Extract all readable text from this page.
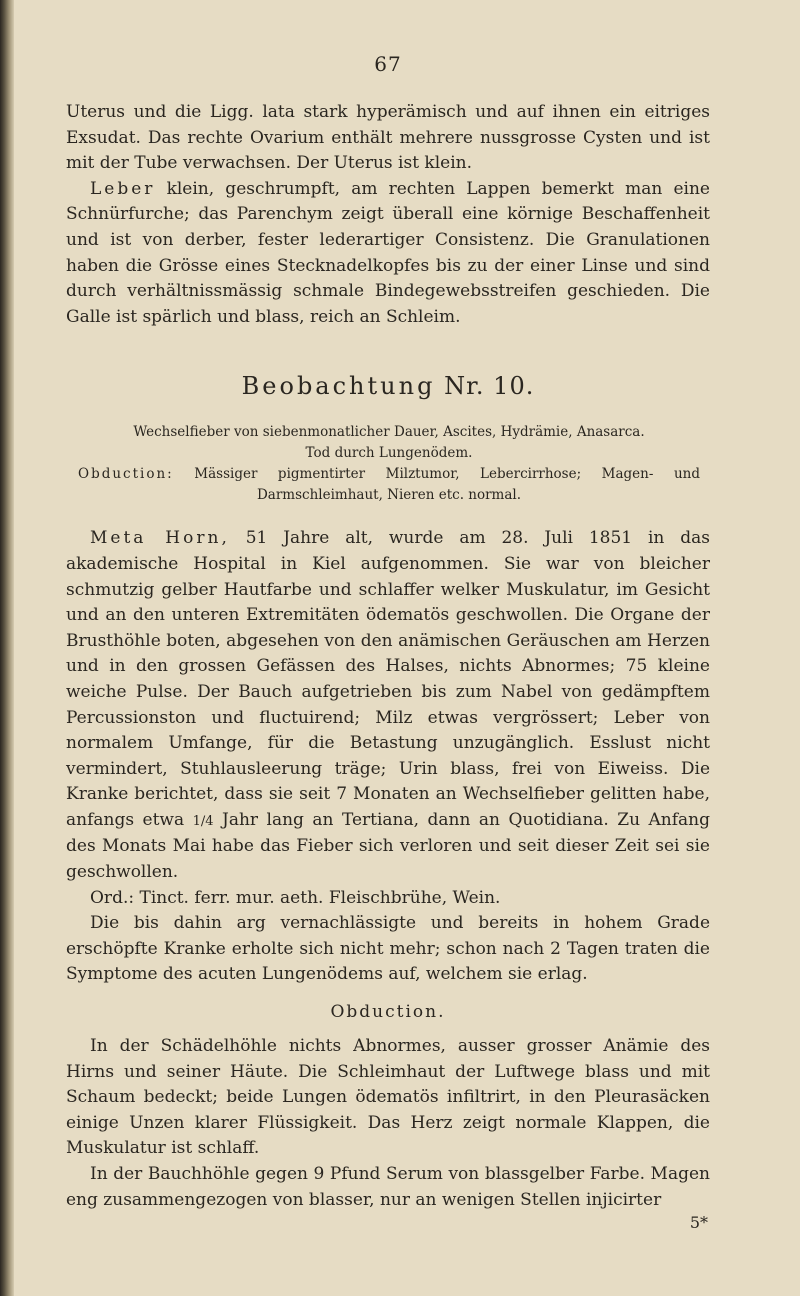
67

Uterus und die Ligg. lata stark hyperämisch und auf ihnen ein eitriges Exsudat. Das rechte Ovarium enthält mehrere nussgrosse Cysten und ist mit der Tube verwachsen. Der Uterus ist klein.

Leber klein, geschrumpft, am rechten Lappen bemerkt man eine Schnürfurche; das Parenchym zeigt überall eine körnige Beschaffenheit und ist von derber, fester lederartiger Consistenz. Die Granulationen haben die Grösse eines Stecknadelkopfes bis zu der einer Linse und sind durch verhältnissmässig schmale Bindegewebsstreifen geschieden. Die Galle ist spärlich und blass, reich an Schleim.

Beobachtung Nr. 10.
Wechselfieber von siebenmonatlicher Dauer, Ascites, Hydrämie, Anasarca.
Tod durch Lungenödem.
Obduction: Mässiger pigmentirter Milztumor, Lebercirrhose; Magen- und Darmschleimhaut, Nieren etc. normal.

Meta Horn, 51 Jahre alt, wurde am 28. Juli 1851 in das akademische Hospital in Kiel aufgenommen. Sie war von bleicher schmutzig gelber Hautfarbe und schlaffer welker Muskulatur, im Gesicht und an den unteren Extremitäten ödematös geschwollen. Die Organe der Brusthöhle boten, abgesehen von den anämischen Geräuschen am Herzen und in den grossen Gefässen des Halses, nichts Abnormes; 75 kleine weiche Pulse. Der Bauch aufgetrieben bis zum Nabel von gedämpftem Percussionston und fluctuirend; Milz etwas vergrössert; Leber von normalem Umfange, für die Betastung unzugänglich. Esslust nicht vermindert, Stuhlausleerung träge; Urin blass, frei von Eiweiss. Die Kranke berichtet, dass sie seit 7 Monaten an Wechselfieber gelitten habe, anfangs etwa 1/4 Jahr lang an Tertiana, dann an Quotidiana. Zu Anfang des Monats Mai habe das Fieber sich verloren und seit dieser Zeit sei sie geschwollen.

Ord.: Tinct. ferr. mur. aeth. Fleischbrühe, Wein.

Die bis dahin arg vernachlässigte und bereits in hohem Grade erschöpfte Kranke erholte sich nicht mehr; schon nach 2 Tagen traten die Symptome des acuten Lungenödems auf, welchem sie erlag.

Obduction.

In der Schädelhöhle nichts Abnormes, ausser grosser Anämie des Hirns und seiner Häute. Die Schleimhaut der Luftwege blass und mit Schaum bedeckt; beide Lungen ödematös infiltrirt, in den Pleurasäcken einige Unzen klarer Flüssigkeit. Das Herz zeigt normale Klappen, die Muskulatur ist schlaff.

In der Bauchhöhle gegen 9 Pfund Serum von blassgelber Farbe. Magen eng zusammengezogen von blasser, nur an wenigen Stellen injicirter

5*
